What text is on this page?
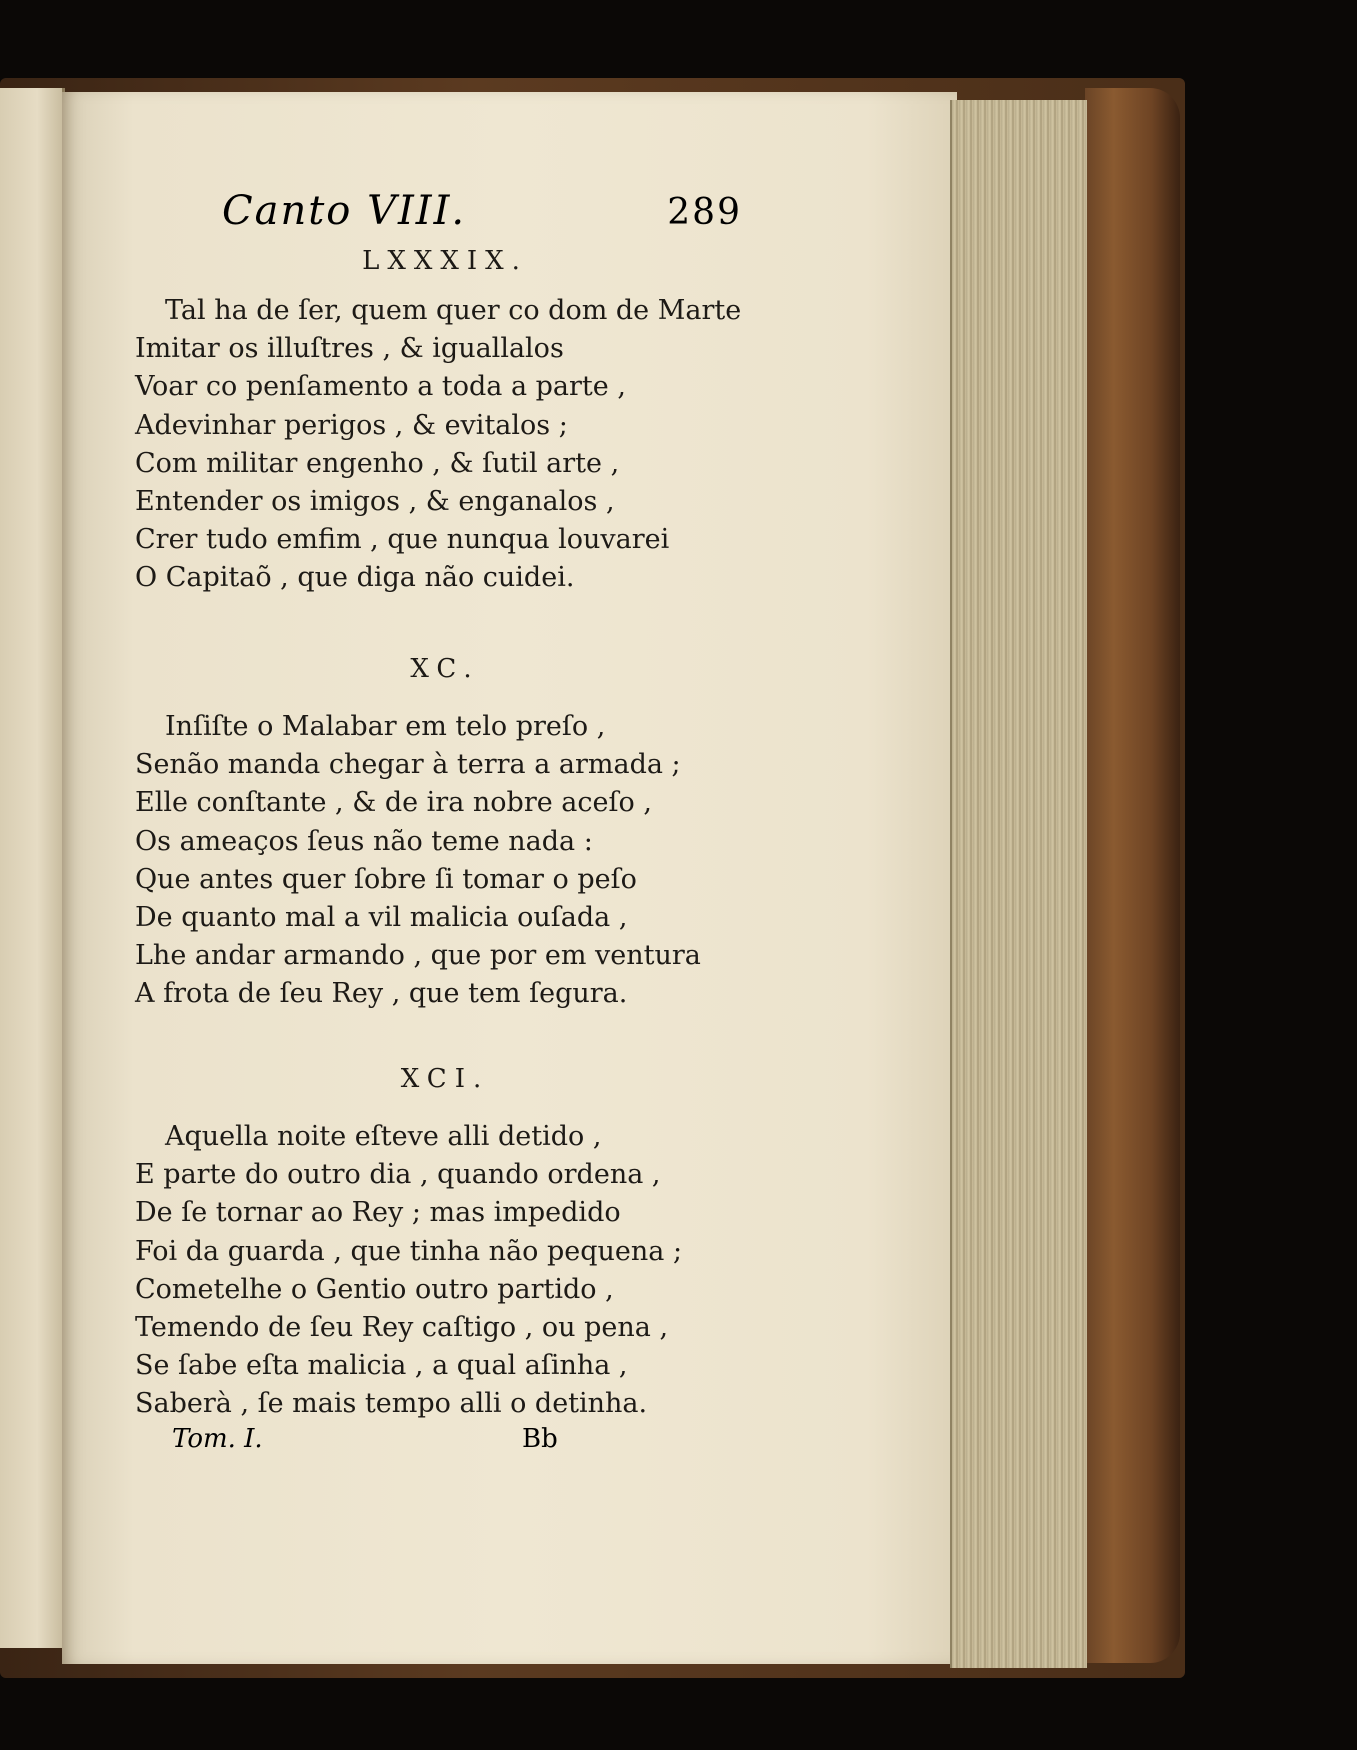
Canto VIII.	289
LXXXIX.
Tal ha de ſer, quem quer co dom de Marte
Imitar os illuſtres , & iguallalos
Voar co penſamento a toda a parte ,
Adevinhar perigos , & evitalos ;
Com militar engenho , & ſutil arte ,
Entender os imigos , & enganalos ,
Crer tudo emfim , que nunqua louvarei
O Capitaõ , que diga não cuidei.
XC.
Inſiſte o Malabar em telo preſo ,
Senão manda chegar à terra a armada ;
Elle conſtante , & de ira nobre aceſo ,
Os ameaços ſeus não teme nada :
Que antes quer ſobre ſi tomar o peſo
De quanto mal a vil malicia ouſada ,
Lhe andar armando , que por em ventura
A frota de ſeu Rey , que tem ſegura.
XCI.
Aquella noite eſteve alli detido ,
E parte do outro dia , quando ordena ,
De ſe tornar ao Rey ; mas impedido
Foi da guarda , que tinha não pequena ;
Cometelhe o Gentio outro partido ,
Temendo de ſeu Rey caſtigo , ou pena ,
Se ſabe eſta malicia , a qual aſinha ,
Saberà , ſe mais tempo alli o detinha.
Tom. I.	Bb
